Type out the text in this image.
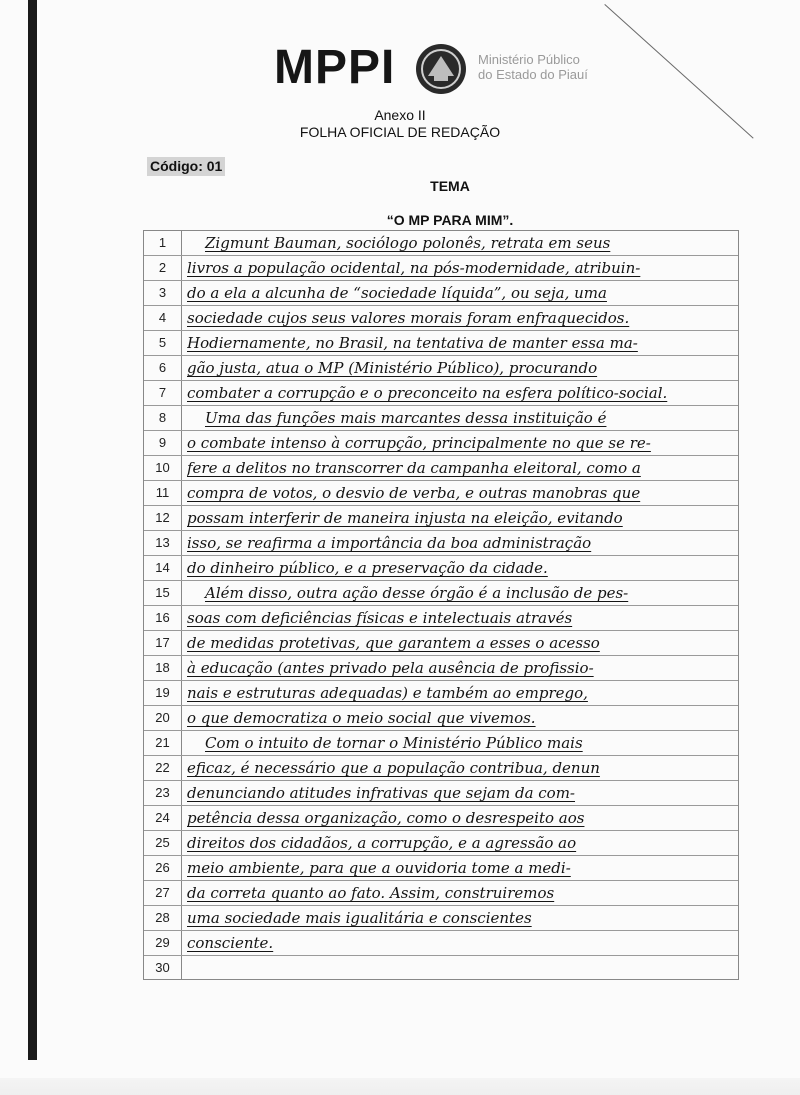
MPPI	Ministério Público
do Estado do Piauí
Anexo II
FOLHA OFICIAL DE REDAÇÃO
Código: 01
TEMA
“O MP PARA MIM”.
1	Zigmunt Bauman, sociólogo polonês, retrata em seus
2	livros a população ocidental, na pós-modernidade, atribuin-
3	do a ela a alcunha de “sociedade líquida”, ou seja, uma
4	sociedade cujos seus valores morais foram enfraquecidos.
5	Hodiernamente, no Brasil, na tentativa de manter essa ma-
6	gão justa, atua o MP (Ministério Público), procurando
7	combater a corrupção e o preconceito na esfera político-social.
8	Uma das funções mais marcantes dessa instituição é
9	o combate intenso à corrupção, principalmente no que se re-
10	fere a delitos no transcorrer da campanha eleitoral, como a
11	compra de votos, o desvio de verba, e outras manobras que
12	possam interferir de maneira injusta na eleição, evitando
13	isso, se reafirma a importância da boa administração
14	do dinheiro público, e a preservação da cidade.
15	Além disso, outra ação desse órgão é a inclusão de pes-
16	soas com deficiências físicas e intelectuais através
17	de medidas protetivas, que garantem a esses o acesso
18	à educação (antes privado pela ausência de profissio-
19	nais e estruturas adequadas) e também ao emprego,
20	o que democratiza o meio social que vivemos.
21	Com o intuito de tornar o Ministério Público mais
22	eficaz, é necessário que a população contribua, denun
23	denunciando atitudes infrativas que sejam da com-
24	petência dessa organização, como o desrespeito aos
25	direitos dos cidadãos, a corrupção, e a agressão ao
26	meio ambiente, para que a ouvidoria tome a medi-
27	da correta quanto ao fato. Assim, construiremos
28	uma sociedade mais igualitária e conscientes
29	consciente.
30
